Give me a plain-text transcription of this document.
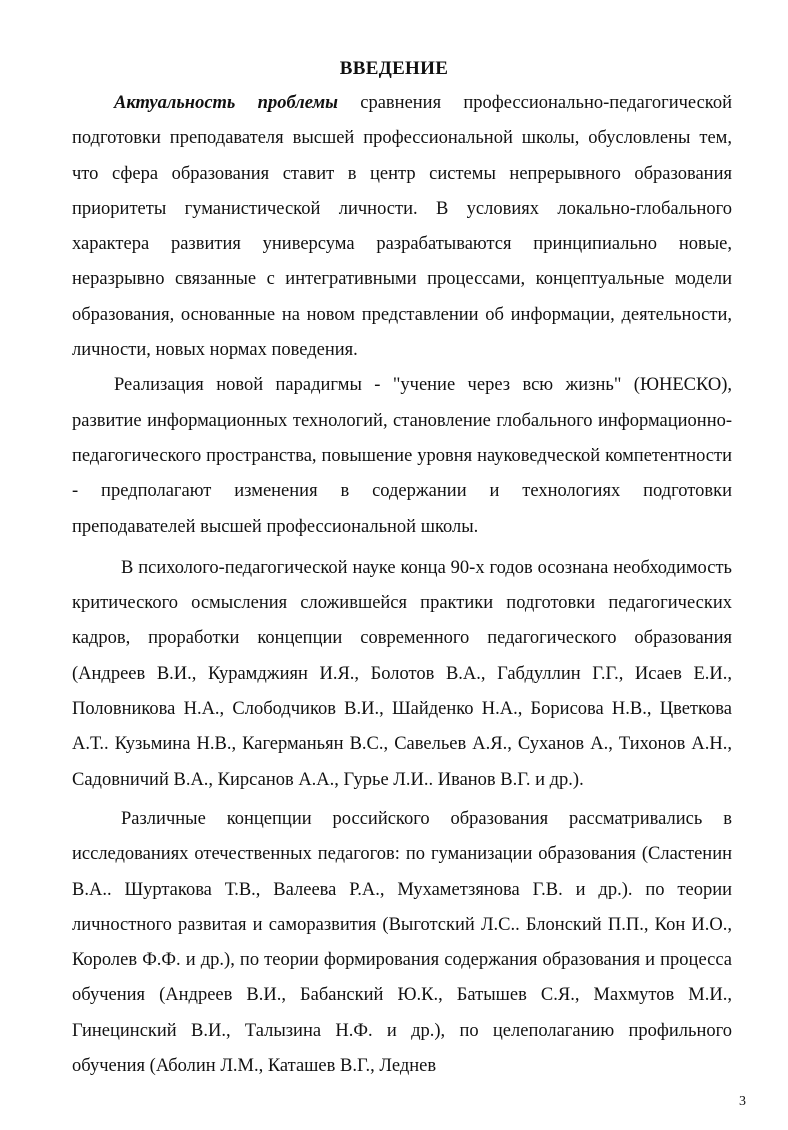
ВВЕДЕНИЕ

Актуальность проблемы сравнения профессионально-педагогической подготовки преподавателя высшей профессиональной школы, обусловлены тем, что сфера образования ставит в центр системы непрерывного образования приоритеты гуманистической личности. В условиях локально-глобального характера развития универсума разрабатываются принципиально новые, неразрывно связанные с интегративными процессами, концептуальные модели образования, основанные на новом представлении об информации, деятельности, личности, новых нормах поведения.

Реализация новой парадигмы - "учение через всю жизнь" (ЮНЕСКО), развитие информационных технологий, становление глобального информационно-педагогического пространства, повышение уровня науковедческой компетентности - предполагают изменения в содержании и технологиях подготовки преподавателей высшей профессиональной школы.

В психолого-педагогической науке конца 90-х годов осознана необходимость критического осмысления сложившейся практики подготовки педагогических кадров, проработки концепции современного педагогического образования (Андреев В.И., Курамджиян И.Я., Болотов В.А., Габдуллин Г.Г., Исаев Е.И., Половникова Н.А., Слободчиков В.И., Шайденко Н.А., Борисова Н.В., Цветкова А.Т.. Кузьмина Н.В., Кагерманьян В.С., Савельев А.Я., Суханов А., Тихонов А.Н., Садовничий В.А., Кирсанов А.А., Гурье Л.И.. Иванов В.Г. и др.).

Различные концепции российского образования рассматривались в исследованиях отечественных педагогов: по гуманизации образования (Сластенин В.А.. Шуртакова Т.В., Валеева Р.А., Мухаметзянова Г.В. и др.). по теории личностного развитая и саморазвития (Выготский Л.С.. Блонский П.П., Кон И.О., Королев Ф.Ф. и др.), по теории формирования содержания образования и процесса обучения (Андреев В.И., Бабанский Ю.К., Батышев С.Я., Махмутов М.И., Гинецинский В.И., Талызина Н.Ф. и др.), по целеполаганию профильного обучения (Аболин Л.М., Каташев В.Г., Леднев

3
